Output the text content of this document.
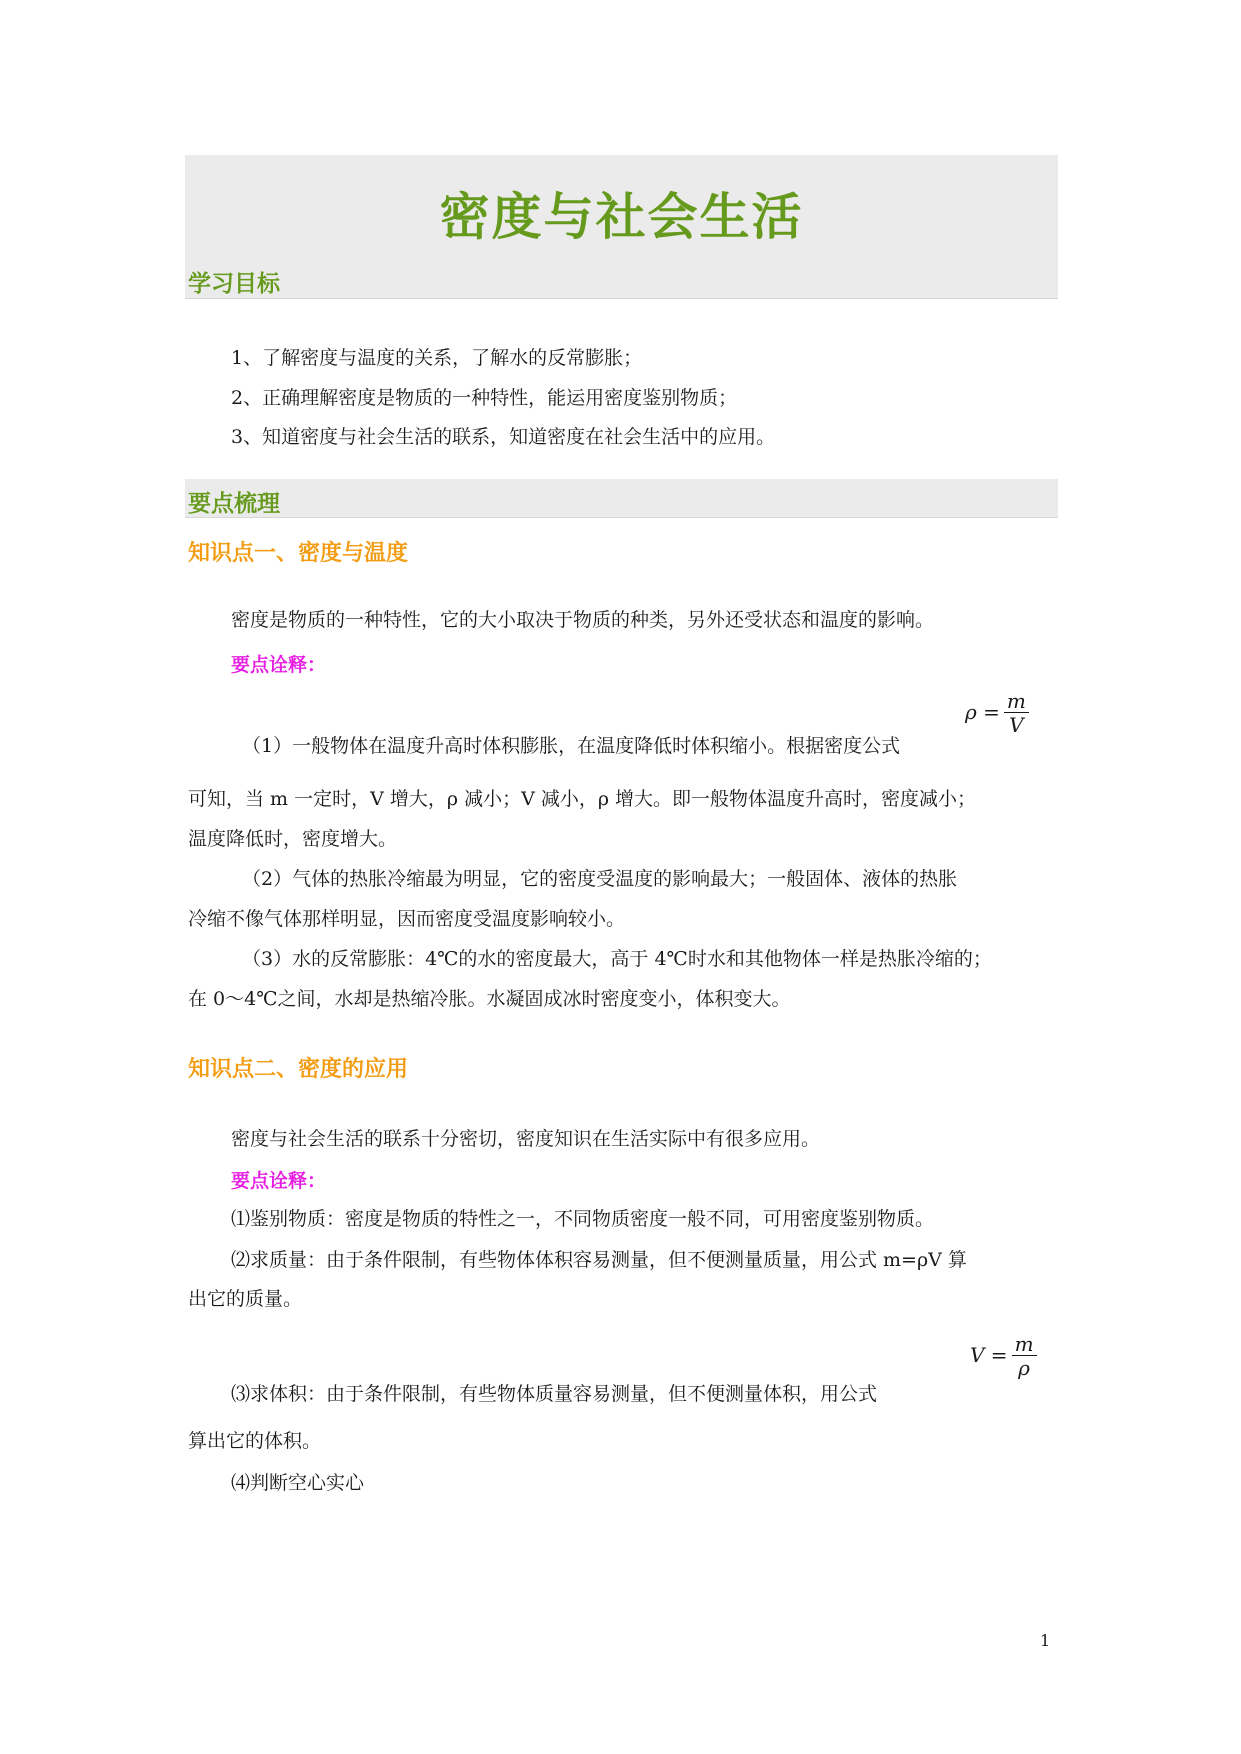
密度与社会生活
学习目标
1、了解密度与温度的关系，了解水的反常膨胀；
2、正确理解密度是物质的一种特性，能运用密度鉴别物质；
3、知道密度与社会生活的联系，知道密度在社会生活中的应用。
要点梳理
知识点一、密度与温度
密度是物质的一种特性，它的大小取决于物质的种类，另外还受状态和温度的影响。
要点诠释：
（1）一般物体在温度升高时体积膨胀，在温度降低时体积缩小。根据密度公式
$\rho = \frac{m}{V}$
可知，当 m 一定时，V 增大，ρ 减小；V 减小，ρ 增大。即一般物体温度升高时，密度减小；
温度降低时，密度增大。
（2）气体的热胀冷缩最为明显，它的密度受温度的影响最大；一般固体、液体的热胀
冷缩不像气体那样明显，因而密度受温度影响较小。
（3）水的反常膨胀：4℃的水的密度最大，高于 4℃时水和其他物体一样是热胀冷缩的；
在 0～4℃之间，水却是热缩冷胀。水凝固成冰时密度变小，体积变大。
知识点二、密度的应用
密度与社会生活的联系十分密切，密度知识在生活实际中有很多应用。
要点诠释：
⑴鉴别物质：密度是物质的特性之一，不同物质密度一般不同，可用密度鉴别物质。
⑵求质量：由于条件限制，有些物体体积容易测量，但不便测量质量，用公式 m=ρV 算
出它的质量。
⑶求体积：由于条件限制，有些物体质量容易测量，但不便测量体积，用公式
$V = \frac{m}{\rho}$
算出它的体积。
⑷判断空心实心
1
